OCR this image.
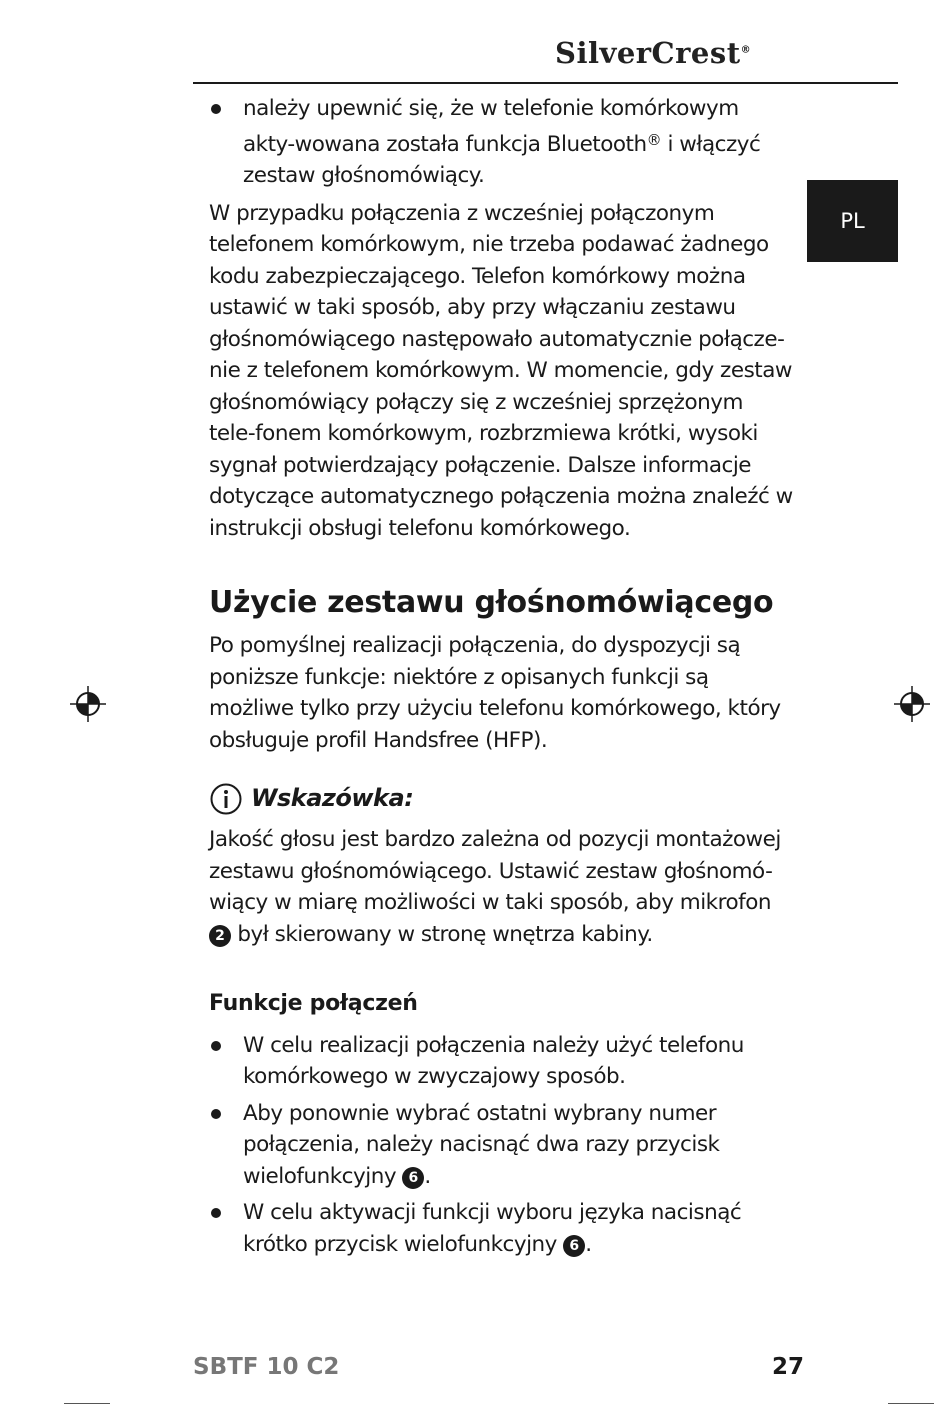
SilverCrest®
PL
należy upewnić się, że w telefonie komórkowym akty-wowana została funkcja Bluetooth® i włączyć zestaw głośnomówiący.

W przypadku połączenia z wcześniej połączonym telefonem komórkowym, nie trzeba podawać żadnego kodu zabezpieczającego. Telefon komórkowy można ustawić w taki sposób, aby przy włączaniu zestawu głośnomówiącego następowało automatycznie połącze-nie z telefonem komórkowym. W momencie, gdy zestaw głośnomówiący połączy się z wcześniej sprzężonym tele-fonem komórkowym, rozbrzmiewa krótki, wysoki sygnał potwierdzający połączenie. Dalsze informacje dotyczące automatycznego połączenia można znaleźć w instrukcji obsługi telefonu komórkowego.

Użycie zestawu głośnomówiącego

Po pomyślnej realizacji połączenia, do dyspozycji są poniższe funkcje: niektóre z opisanych funkcji są możliwe tylko przy użyciu telefonu komórkowego, który obsługuje profil Handsfree (HFP).

Wskazówka:

Jakość głosu jest bardzo zależna od pozycji montażowej zestawu głośnomówiącego. Ustawić zestaw głośnomó-wiący w miarę możliwości w taki sposób, aby mikrofon 2 był skierowany w stronę wnętrza kabiny.

Funkcje połączeń
W celu realizacji połączenia należy użyć telefonu komórkowego w zwyczajowy sposób.
Aby ponownie wybrać ostatni wybrany numer połączenia, należy nacisnąć dwa razy przycisk wielofunkcyjny 6 .
W celu aktywacji funkcji wyboru języka nacisnąć krótko przycisk wielofunkcyjny 6 .
SBTF 10 C2	27
